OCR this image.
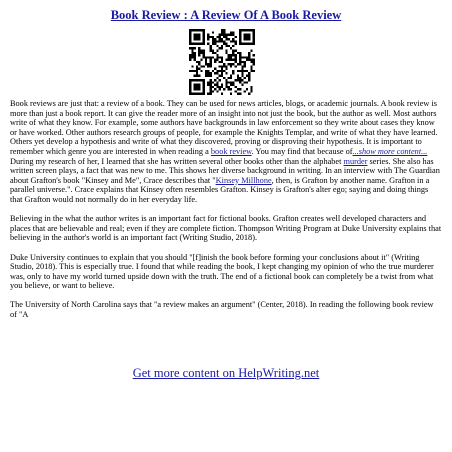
Book Review : A Review Of A Book Review

Book reviews are just that: a review of a book. They can be used for news articles, blogs, or academic journals. A book review is more than just a book report. It can give the reader more of an insight into not just the book, but the author as well. Most authors write of what they know. For example, some authors have backgrounds in law enforcement so they write about cases they know or have worked. Other authors research groups of people, for example the Knights Templar, and write of what they have learned. Others yet develop a hypothesis and write of what they discovered, proving or disproving their hypothesis. It is important to remember which genre you are interested in when reading a book review. You may find that because of...show more content... During my research of her, I learned that she has written several other books other than the alphabet murder series. She also has written screen plays, a fact that was new to me. This shows her diverse background in writing. In an interview with The Guardian about Grafton's book "Kinsey and Me", Crace describes that "Kinsey Millhone, then, is Grafton by another name. Grafton in a parallel universe.". Crace explains that Kinsey often resembles Grafton. Kinsey is Grafton's alter ego; saying and doing things that Grafton would not normally do in her everyday life.

Believing in the what the author writes is an important fact for fictional books. Grafton creates well developed characters and places that are believable and real; even if they are complete fiction. Thompson Writing Program at Duke University explains that believing in the author's world is an important fact (Writing Studio, 2018).

Duke University continues to explain that you should "[f]inish the book before forming your conclusions about it" (Writing Studio, 2018). This is especially true. I found that while reading the book, I kept changing my opinion of who the true murderer was, only to have my world turned upside down with the truth. The end of a fictional book can completely be a twist from what you believe, or want to believe.

The University of North Carolina says that "a review makes an argument" (Center, 2018). In reading the following book review of "A

Get more content on HelpWriting.net
